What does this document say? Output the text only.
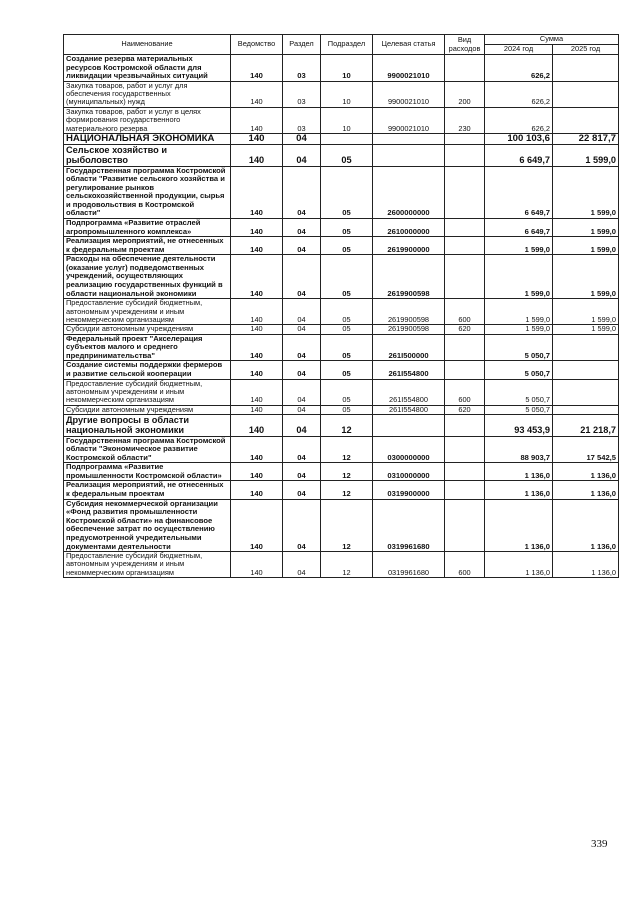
Наименование	Ведомство	Раздел	Подраздел	Целевая статья	Вид расходов	Сумма	
						2024 год	2025 год
Создание резерва материальных ресурсов Костромской области для ликвидации чрезвычайных ситуаций	140	03	10	9900021010		626,2	
Закупка товаров, работ и услуг для обеспечения государственных (муниципальных) нужд	140	03	10	9900021010	200	626,2	
Закупка товаров, работ и услуг в целях формирования государственного материального резерва	140	03	10	9900021010	230	626,2	
НАЦИОНАЛЬНАЯ ЭКОНОМИКА	140	04				100 103,6	22 817,7
Сельское хозяйство и рыболовство	140	04	05			6 649,7	1 599,0
Государственная программа Костромской области "Развитие сельского хозяйства и регулирование рынков сельскохозяйственной продукции, сырья и продовольствия в Костромской области"	140	04	05	2600000000		6 649,7	1 599,0
Подпрограмма «Развитие отраслей агропромышленного комплекса»	140	04	05	2610000000		6 649,7	1 599,0
Реализация мероприятий, не отнесенных к федеральным проектам	140	04	05	2619900000		1 599,0	1 599,0
Расходы на обеспечение деятельности (оказание услуг) подведомственных учреждений, осуществляющих реализацию государственных функций в области национальной экономики	140	04	05	2619900598		1 599,0	1 599,0
Предоставление субсидий бюджетным, автономным учреждениям и иным некоммерческим организациям	140	04	05	2619900598	600	1 599,0	1 599,0
Субсидии автономным учреждениям	140	04	05	2619900598	620	1 599,0	1 599,0
Федеральный проект "Акселерация субъектов малого и среднего предпринимательства"	140	04	05	261I500000		5 050,7	
Создание системы поддержки фермеров и развитие сельской кооперации	140	04	05	261I554800		5 050,7	
Предоставление субсидий бюджетным, автономным учреждениям и иным некоммерческим организациям	140	04	05	261I554800	600	5 050,7	
Субсидии автономным учреждениям	140	04	05	261I554800	620	5 050,7	
Другие вопросы в области национальной экономики	140	04	12			93 453,9	21 218,7
Государственная программа Костромской области "Экономическое развитие Костромской области"	140	04	12	0300000000		88 903,7	17 542,5
Подпрограмма «Развитие промышленности Костромской области»	140	04	12	0310000000		1 136,0	1 136,0
Реализация мероприятий, не отнесенных к федеральным проектам	140	04	12	0319900000		1 136,0	1 136,0
Субсидия некоммерческой организации «Фонд развития промышленности Костромской области» на финансовое обеспечение затрат по осуществлению предусмотренной учредительными документами деятельности	140	04	12	0319961680		1 136,0	1 136,0
Предоставление субсидий бюджетным, автономным учреждениям и иным некоммерческим организациям	140	04	12	0319961680	600	1 136,0	1 136,0
339
